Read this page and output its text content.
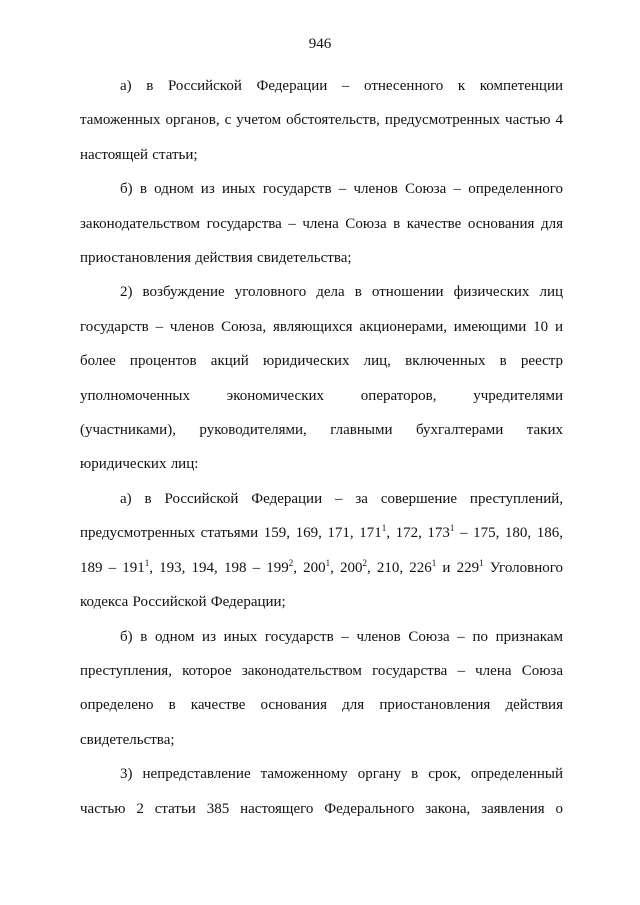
946

а) в Российской Федерации – отнесенного к компетенции таможенных органов, с учетом обстоятельств, предусмотренных частью 4 настоящей статьи;

б) в одном из иных государств – членов Союза – определенного законодательством государства – члена Союза в качестве основания для приостановления действия свидетельства;

2) возбуждение уголовного дела в отношении физических лиц государств – членов Союза, являющихся акционерами, имеющими 10 и более процентов акций юридических лиц, включенных в реестр уполномоченных экономических операторов, учредителями (участниками), руководителями, главными бухгалтерами таких юридических лиц:

а) в Российской Федерации – за совершение преступлений, предусмотренных статьями 159, 169, 171, $171^1$, 172, $173^1 - 175$, 180, 186, $189 - 191^1$, 193, 194, $198 - 199^2$, $200^1$, $200^2$, 210, $226^1$ и $229^1$ Уголовного кодекса Российской Федерации;

б) в одном из иных государств – членов Союза – по признакам преступления, которое законодательством государства – члена Союза определено в качестве основания для приостановления действия свидетельства;

3) непредставление таможенному органу в срок, определенный частью 2 статьи 385 настоящего Федерального закона, заявления о
